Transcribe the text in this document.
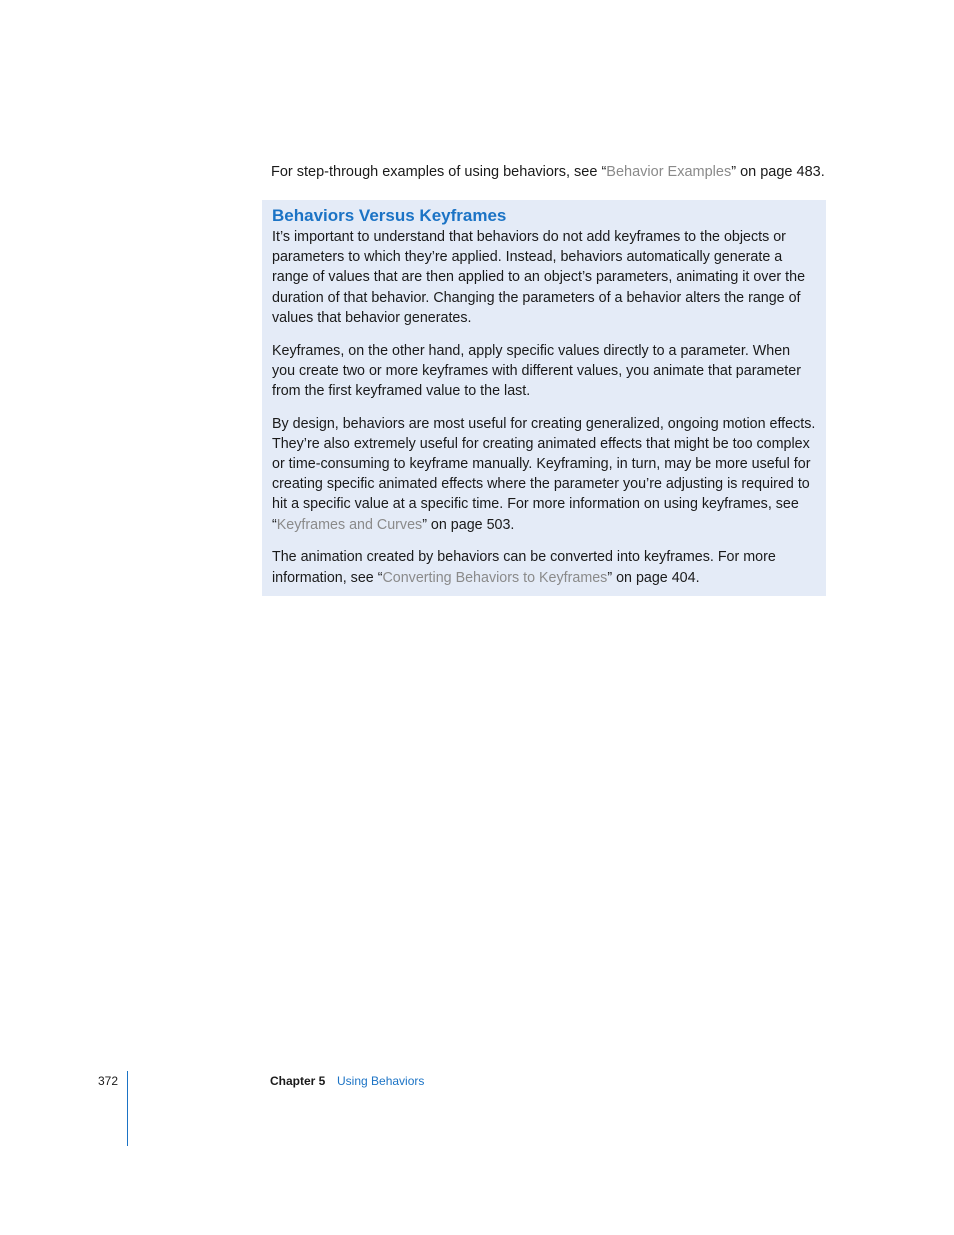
For step-through examples of using behaviors, see “Behavior Examples” on page 483.

Behaviors Versus Keyframes

It’s important to understand that behaviors do not add keyframes to the objects or parameters to which they’re applied. Instead, behaviors automatically generate a range of values that are then applied to an object’s parameters, animating it over the duration of that behavior. Changing the parameters of a behavior alters the range of values that behavior generates.

Keyframes, on the other hand, apply specific values directly to a parameter. When you create two or more keyframes with different values, you animate that parameter from the first keyframed value to the last.

By design, behaviors are most useful for creating generalized, ongoing motion effects. They’re also extremely useful for creating animated effects that might be too complex or time-consuming to keyframe manually. Keyframing, in turn, may be more useful for creating specific animated effects where the parameter you’re adjusting is required to hit a specific value at a specific time. For more information on using keyframes, see “Keyframes and Curves” on page 503.

The animation created by behaviors can be converted into keyframes. For more information, see “Converting Behaviors to Keyframes” on page 404.

372	Chapter 5 Using Behaviors
